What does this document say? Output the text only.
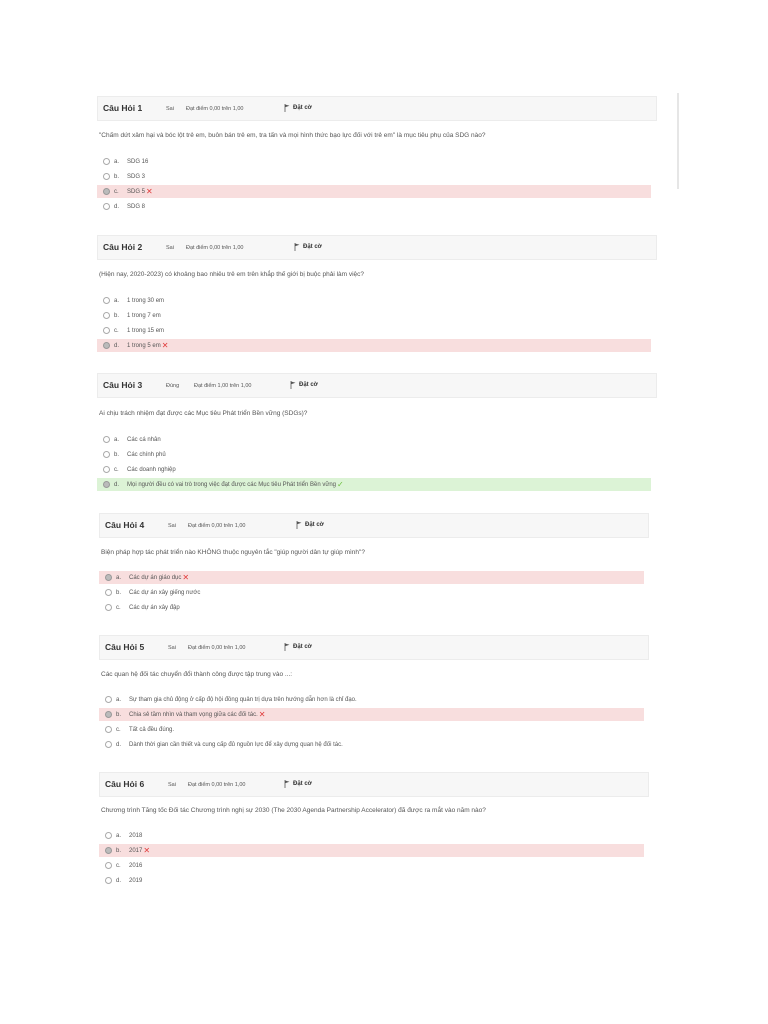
Câu Hỏi 1	Sai Đạt điểm 0,00 trên 1,00	Đặt cờ
"Chấm dứt xâm hại và bóc lột trẻ em, buôn bán trẻ em, tra tấn và mọi hình thức bạo lực đối với trẻ em" là mục tiêu phụ của SDG nào?
a.	SDG 16
b.	SDG 3
c.	SDG 5 ✕
d.	SDG 8
Câu Hỏi 2	Sai Đạt điểm 0,00 trên 1,00	Đặt cờ
(Hiện nay, 2020-2023) có khoảng bao nhiêu trẻ em trên khắp thế giới bị buộc phải làm việc?
a.	1 trong 30 em
b.	1 trong 7 em
c.	1 trong 15 em
d.	1 trong 5 em ✕
Câu Hỏi 3	Đúng	Đạt điểm 1,00 trên 1,00	Đặt cờ
Ai chịu trách nhiệm đạt được các Mục tiêu Phát triển Bền vững (SDGs)?
a.	Các cá nhân
b.	Các chính phủ
c.	Các doanh nghiệp
d.	Mọi người đều có vai trò trong việc đạt được các Mục tiêu Phát triển Bền vững ✓
Câu Hỏi 4	Sai Đạt điểm 0,00 trên 1,00	Đặt cờ
Biện pháp hợp tác phát triển nào KHÔNG thuộc nguyên tắc "giúp người dân tự giúp mình"?
a.	Các dự án giáo dục ✕
b.	Các dự án xây giếng nước
c.	Các dự án xây đập
Câu Hỏi 5	Sai Đạt điểm 0,00 trên 1,00	Đặt cờ
Các quan hệ đối tác chuyển đổi thành công được tập trung vào ...:
a.	Sự tham gia chủ động ở cấp độ hội đồng quản trị dựa trên hướng dẫn hơn là chỉ đạo.
b.	Chia sẻ tầm nhìn và tham vọng giữa các đối tác. ✕
c.	Tất cả đều đúng.
d.	Dành thời gian cần thiết và cung cấp đủ nguồn lực để xây dựng quan hệ đối tác.
Câu Hỏi 6	Sai Đạt điểm 0,00 trên 1,00	Đặt cờ
Chương trình Tăng tốc Đối tác Chương trình nghị sự 2030 (The 2030 Agenda Partnership Accelerator) đã được ra mắt vào năm nào?
a.	2018
b.	2017 ✕
c.	2016
d.	2019
